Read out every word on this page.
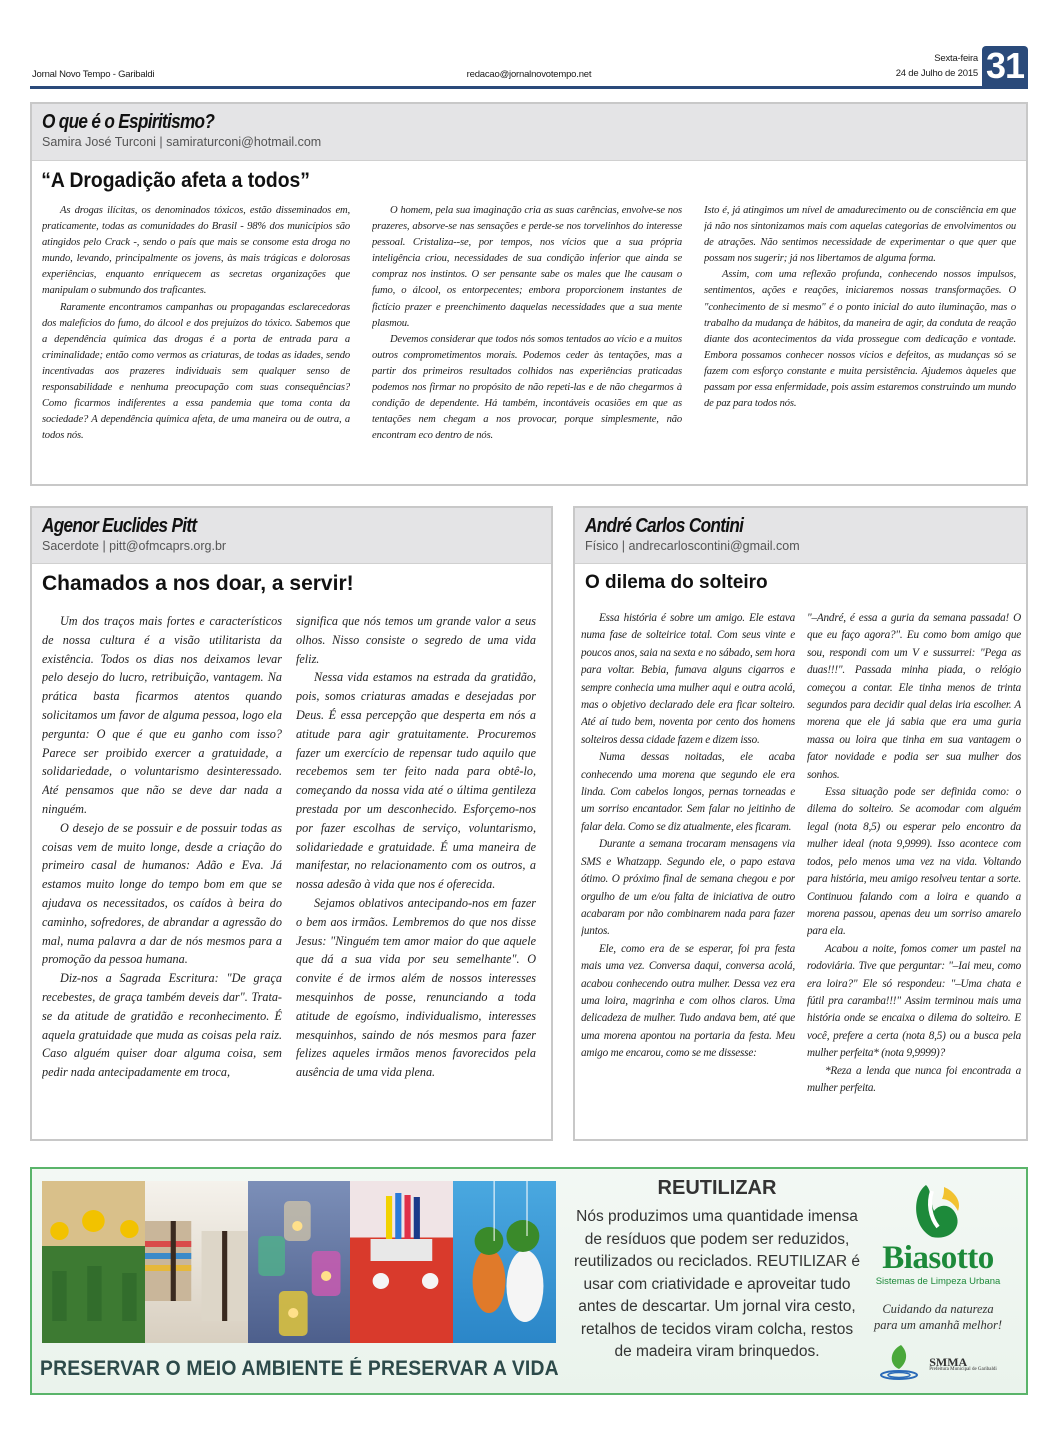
Jornal Novo Tempo - Garibaldi	redacao@jornalnovotempo.net
Sexta-feira
24 de Julho de 2015 31
O que é o Espiritismo?
Samira José Turconi | samiraturconi@hotmail.com
“A Drogadição afeta a todos”

As drogas ilícitas, os denominados tóxicos, estão disseminados em, praticamente, todas as comunidades do Brasil - 98% dos municípios são atingidos pelo Crack -, sendo o país que mais se consome esta droga no mundo, levando, principalmente os jovens, às mais trágicas e dolorosas experiências, enquanto enriquecem as secretas organizações que manipulam o submundo dos traficantes.

Raramente encontramos campanhas ou propagandas esclarecedoras dos malefícios do fumo, do álcool e dos prejuízos do tóxico. Sabemos que a dependência química das drogas é a porta de entrada para a criminalidade; então como vermos as criaturas, de todas as idades, sendo incentivadas aos prazeres individuais sem qualquer senso de responsabilidade e nenhuma preocupação com suas consequências? Como ficarmos indiferentes a essa pandemia que toma conta da sociedade? A dependência química afeta, de uma maneira ou de outra, a todos nós.

O homem, pela sua imaginação cria as suas carências, envolve-se nos prazeres, absorve-se nas sensações e perde-se nos torvelinhos do interesse pessoal. Cristaliza--se, por tempos, nos vícios que a sua própria inteligência criou, necessidades de sua condição inferior que ainda se compraz nos instintos. O ser pensante sabe os males que lhe causam o fumo, o álcool, os entorpecentes; embora proporcionem instantes de fictício prazer e preenchimento daquelas necessidades que a sua mente plasmou.

Devemos considerar que todos nós somos tentados ao vício e a muitos outros comprometimentos morais. Podemos ceder às tentações, mas a partir dos primeiros resultados colhidos nas experiências praticadas podemos nos firmar no propósito de não repeti-las e de não chegarmos à condição de dependente. Há também, incontáveis ocasiões em que as tentações nem chegam a nos provocar, porque simplesmente, não encontram eco dentro de nós.

Isto é, já atingimos um nível de amadurecimento ou de consciência em que já não nos sintonizamos mais com aquelas categorias de envolvimentos ou de atrações. Não sentimos necessidade de experimentar o que quer que possam nos sugerir; já nos libertamos de alguma forma.

Assim, com uma reflexão profunda, conhecendo nossos impulsos, sentimentos, ações e reações, iniciaremos nossas transformações. O "conhecimento de si mesmo" é o ponto inicial do auto iluminação, mas o trabalho da mudança de hábitos, da maneira de agir, da conduta de reação diante dos acontecimentos da vida prossegue com dedicação e vontade. Embora possamos conhecer nossos vícios e defeitos, as mudanças só se fazem com esforço constante e muita persistência. Ajudemos àqueles que passam por essa enfermidade, pois assim estaremos construindo um mundo de paz para todos nós.

Agenor Euclides Pitt
Sacerdote | pitt@ofmcaprs.org.br
Chamados a nos doar, a servir!

Um dos traços mais fortes e característicos de nossa cultura é a visão utilitarista da existência. Todos os dias nos deixamos levar pelo desejo do lucro, retribuição, vantagem. Na prática basta ficarmos atentos quando solicitamos um favor de alguma pessoa, logo ela pergunta: O que é que eu ganho com isso? Parece ser proibido exercer a gratuidade, a solidariedade, o voluntarismo desinteressado. Até pensamos que não se deve dar nada a ninguém.

O desejo de se possuir e de possuir todas as coisas vem de muito longe, desde a criação do primeiro casal de humanos: Adão e Eva. Já estamos muito longe do tempo bom em que se ajudava os necessitados, os caídos à beira do caminho, sofredores, de abrandar a agressão do mal, numa palavra a dar de nós mesmos para a promoção da pessoa humana.

Diz-nos a Sagrada Escritura: "De graça recebestes, de graça também deveis dar". Trata-se da atitude de gratidão e reconhecimento. É aquela gratuidade que muda as coisas pela raiz. Caso alguém quiser doar alguma coisa, sem pedir nada antecipadamente em troca,

significa que nós temos um grande valor a seus olhos. Nisso consiste o segredo de uma vida feliz.

Nessa vida estamos na estrada da gratidão, pois, somos criaturas amadas e desejadas por Deus. É essa percepção que desperta em nós a atitude para agir gratuitamente. Procuremos fazer um exercício de repensar tudo aquilo que recebemos sem ter feito nada para obtê-lo, começando da nossa vida até o última gentileza prestada por um desconhecido. Esforçemo-nos por fazer escolhas de serviço, voluntarismo, solidariedade e gratuidade. É uma maneira de manifestar, no relacionamento com os outros, a nossa adesão à vida que nos é oferecida.

Sejamos oblativos antecipando-nos em fazer o bem aos irmãos. Lembremos do que nos disse Jesus: "Ninguém tem amor maior do que aquele que dá a sua vida por seu semelhante". O convite é de irmos além de nossos interesses mesquinhos de posse, renunciando a toda atitude de egoísmo, individualismo, interesses mesquinhos, saindo de nós mesmos para fazer felizes aqueles irmãos menos favorecidos pela ausência de uma vida plena.

André Carlos Contini
Físico | andrecarloscontini@gmail.com
O dilema do solteiro

Essa história é sobre um amigo. Ele estava numa fase de solteirice total. Com seus vinte e poucos anos, saia na sexta e no sábado, sem hora para voltar. Bebia, fumava alguns cigarros e sempre conhecia uma mulher aqui e outra acolá, mas o objetivo declarado dele era ficar solteiro. Até aí tudo bem, noventa por cento dos homens solteiros dessa cidade fazem e dizem isso.

Numa dessas noitadas, ele acaba conhecendo uma morena que segundo ele era linda. Com cabelos longos, pernas torneadas e um sorriso encantador. Sem falar no jeitinho de falar dela. Como se diz atualmente, eles ficaram.

Durante a semana trocaram mensagens via SMS e Whatzapp. Segundo ele, o papo estava ótimo. O próximo final de semana chegou e por orgulho de um e/ou falta de iniciativa de outro acabaram por não combinarem nada para fazer juntos.

Ele, como era de se esperar, foi pra festa mais uma vez. Conversa daqui, conversa acolá, acabou conhecendo outra mulher. Dessa vez era uma loira, magrinha e com olhos claros. Uma delicadeza de mulher. Tudo andava bem, até que uma morena apontou na portaria da festa. Meu amigo me encarou, como se me dissesse:

"–André, é essa a guria da semana passada! O que eu faço agora?". Eu como bom amigo que sou, respondi com um V e sussurrei: "Pega as duas!!!". Passada minha piada, o relógio começou a contar. Ele tinha menos de trinta segundos para decidir qual delas iria escolher. A morena que ele já sabia que era uma guria massa ou loira que tinha em sua vantagem o fator novidade e podia ser sua mulher dos sonhos.

Essa situação pode ser definida como: o dilema do solteiro. Se acomodar com alguém legal (nota 8,5) ou esperar pelo encontro da mulher ideal (nota 9,9999). Isso acontece com todos, pelo menos uma vez na vida. Voltando para história, meu amigo resolveu tentar a sorte. Continuou falando com a loira e quando a morena passou, apenas deu um sorriso amarelo para ela.

Acabou a noite, fomos comer um pastel na rodoviária. Tive que perguntar: "–Iai meu, como era loira?" Ele só respondeu: "–Uma chata e fútil pra caramba!!!" Assim terminou mais uma história onde se encaixa o dilema do solteiro. E você, prefere a certa (nota 8,5) ou a busca pela mulher perfeita* (nota 9,9999)?

*Reza a lenda que nunca foi encontrada a mulher perfeita.

PRESERVAR O MEIO AMBIENTE É PRESERVAR A VIDA
REUTILIZAR
Nós produzimos uma quantidade imensa de resíduos que podem ser reduzidos, reutilizados ou reciclados. REUTILIZAR é usar com criatividade e aproveitar tudo antes de descartar. Um jornal vira cesto, retalhos de tecidos viram colcha, restos de madeira viram brinquedos.
Biasotto
Sistemas de Limpeza Urbana
Cuidando da natureza
para um amanhã melhor!
SMMA
Prefeitura Municipal de Garibaldi
